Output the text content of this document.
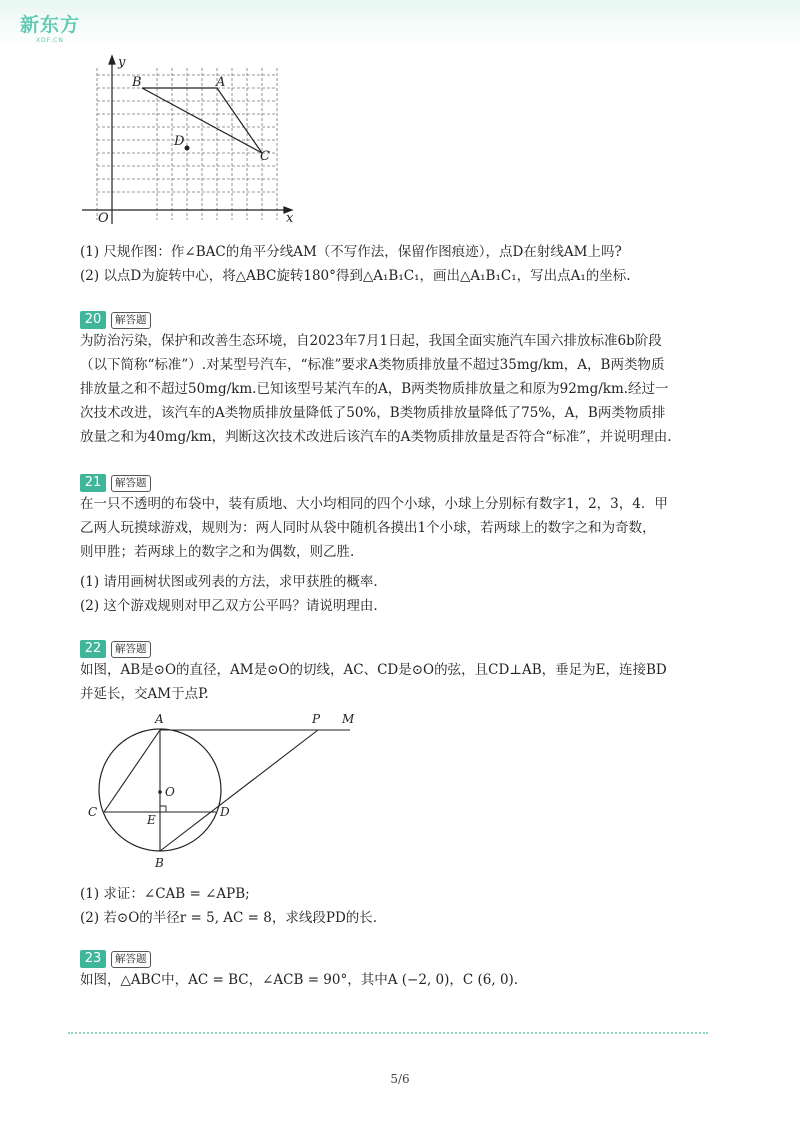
新东方
XDF.CN
y
x
O
B	A
C
D
(1) 尺规作图：作∠BAC的角平分线AM（不写作法，保留作图痕迹），点D在射线AM上吗?
(2) 以点D为旋转中心，将△ABC旋转180°得到△A₁B₁C₁，画出△A₁B₁C₁，写出点A₁的坐标.
20	解答题
为防治污染，保护和改善生态环境，自2023年7月1日起，我国全面实施汽车国六排放标准6b阶段
（以下简称“标准”）.对某型号汽车，“标准”要求A类物质排放量不超过35mg/km，A，B两类物质
排放量之和不超过50mg/km.已知该型号某汽车的A，B两类物质排放量之和原为92mg/km.经过一
次技术改进，该汽车的A类物质排放量降低了50%，B类物质排放量降低了75%，A，B两类物质排
放量之和为40mg/km，判断这次技术改进后该汽车的A类物质排放量是否符合“标准”，并说明理由.
21	解答题
在一只不透明的布袋中，装有质地、大小均相同的四个小球，小球上分别标有数字1，2，3，4．甲
乙两人玩摸球游戏，规则为：两人同时从袋中随机各摸出1个小球，若两球上的数字之和为奇数，
则甲胜；若两球上的数字之和为偶数，则乙胜.
(1) 请用画树状图或列表的方法，求甲获胜的概率.
(2) 这个游戏规则对甲乙双方公平吗？请说明理由.
22	解答题
如图，AB是⊙O的直径，AM是⊙O的切线，AC、CD是⊙O的弦，且CD⊥AB，垂足为E，连接BD
并延长，交AM于点P.
A	P M
O
C
E
D
B
(1) 求证：∠CAB = ∠APB;
(2) 若⊙O的半径r = 5, AC = 8，求线段PD的长.
23	解答题
如图，△ABC中，AC = BC，∠ACB = 90°，其中A (−2, 0)，C (6, 0).
5/6
